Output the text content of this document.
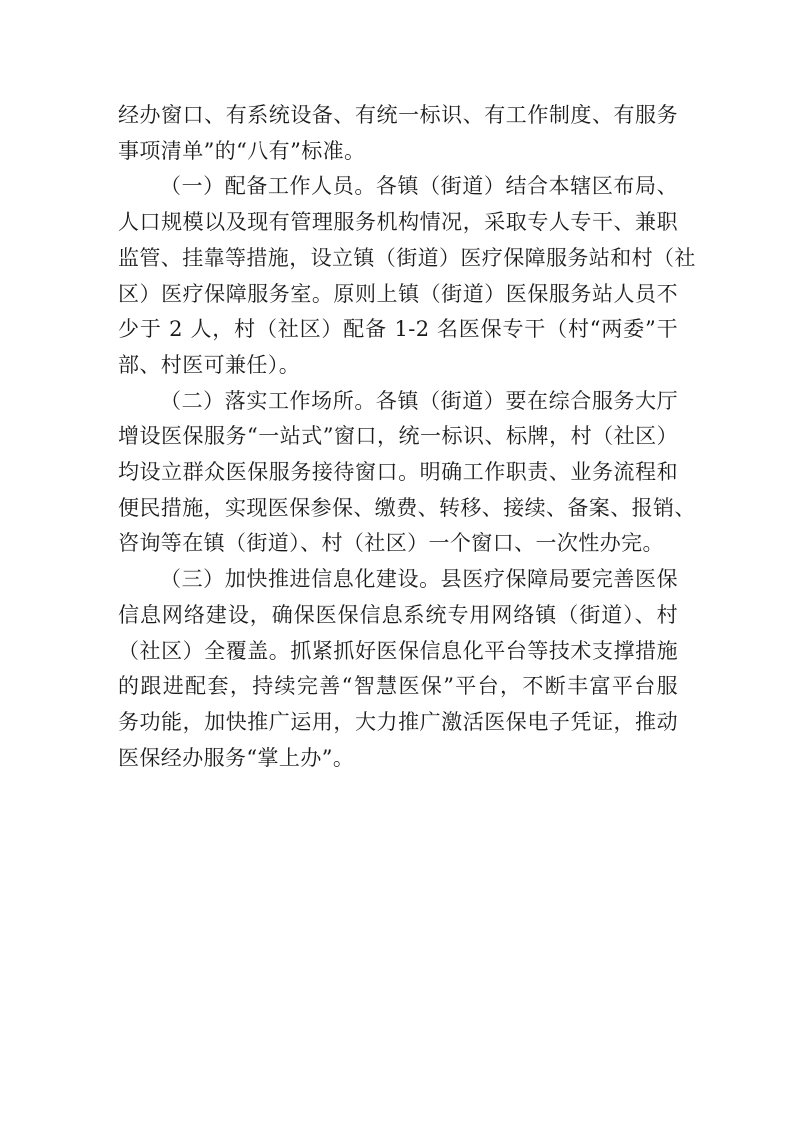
经办窗口、有系统设备、有统一标识、有工作制度、有服务
事项清单”的“八有”标准。

（一）配备工作人员。各镇（街道）结合本辖区布局、
人口规模以及现有管理服务机构情况，采取专人专干、兼职
监管、挂靠等措施，设立镇（街道）医疗保障服务站和村（社
区）医疗保障服务室。原则上镇（街道）医保服务站人员不
少于 2 人，村（社区）配备 1-2 名医保专干（村“两委”干
部、村医可兼任）。

（二）落实工作场所。各镇（街道）要在综合服务大厅
增设医保服务“一站式”窗口，统一标识、标牌，村（社区）
均设立群众医保服务接待窗口。明确工作职责、业务流程和
便民措施，实现医保参保、缴费、转移、接续、备案、报销、
咨询等在镇（街道）、村（社区）一个窗口、一次性办完。

（三）加快推进信息化建设。县医疗保障局要完善医保
信息网络建设，确保医保信息系统专用网络镇（街道）、村
（社区）全覆盖。抓紧抓好医保信息化平台等技术支撑措施
的跟进配套，持续完善“智慧医保”平台，不断丰富平台服
务功能，加快推广运用，大力推广激活医保电子凭证，推动
医保经办服务“掌上办”。
